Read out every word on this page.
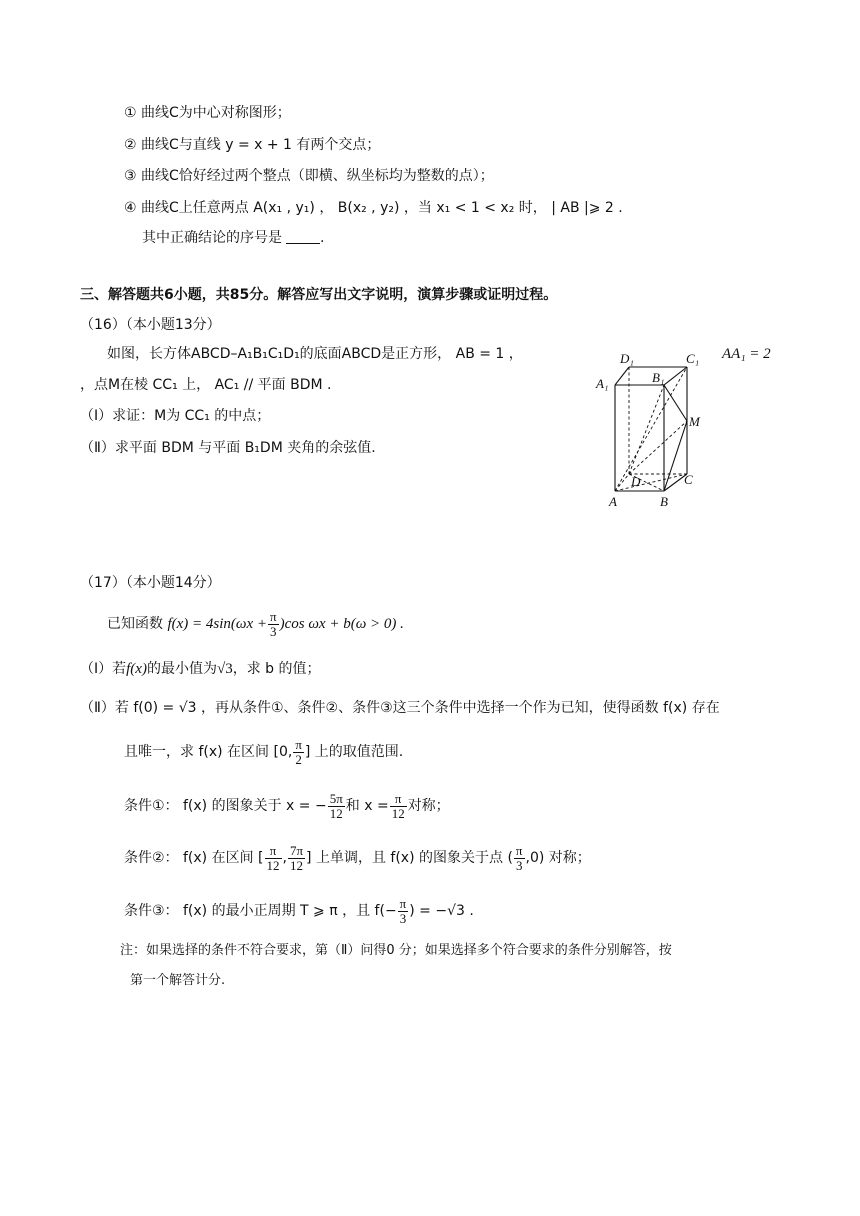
① 曲线C为中心对称图形；
② 曲线C与直线 y = x + 1 有两个交点；
③ 曲线C恰好经过两个整点（即横、纵坐标均为整数的点）；
④ 曲线C上任意两点 A(x₁ , y₁) ， B(x₂ , y₂) ，当 x₁ < 1 < x₂ 时， | AB |⩾ 2 .
其中正确结论的序号是	.
三、解答题共6小题，共85分。解答应写出文字说明，演算步骤或证明过程。
（16）（本小题13分）
如图，长方体ABCD–A₁B₁C₁D₁的底面ABCD是正方形， AB = 1 ，	AA₁ = 2
，点M在棱 CC₁ 上， AC₁ // 平面 BDM .
（Ⅰ）求证：M为 CC₁ 的中点；
（Ⅱ）求平面 BDM 与平面 B₁DM 夹角的余弦值.
D₁	C₁
A₁	B₁
M
D	C
A	B
（17）（本小题14分）
已知函数 $f(x) = 4\sin(\omega x + \frac{\pi}{3} )\cos$ ωx + b(ω > 0) .
（Ⅰ）若f(x)的最小值为√3，求 b 的值；
（Ⅱ）若 f(0) = √3 ，再从条件①、条件②、条件③这三个条件中选择一个作为已知，使得函数 f(x) 存在
且唯一，求 f(x) 在区间 [0, $\frac{\pi}{2}$ ] 上的取值范围.
条件①： f(x) 的图象关于 x = − $\frac{5\pi}{12}$ 和 $x = \frac{\pi}{12}$ 对称；
条件②： f(x) 在区间 [ $\frac{\pi}{12}$ , $\frac{7\pi}{12}$ ] 上单调，且 f(x) 的图象关于点 ( $\frac{\pi}{3} ,0$) 对称；
条件③： f(x) 的最小正周期 T ⩾ π ，且 $f(- \frac{\pi}{3}$ ) = −√3 .
注：如果选择的条件不符合要求，第（Ⅱ）问得0 分；如果选择多个符合要求的条件分别解答，按
第一个解答计分.
